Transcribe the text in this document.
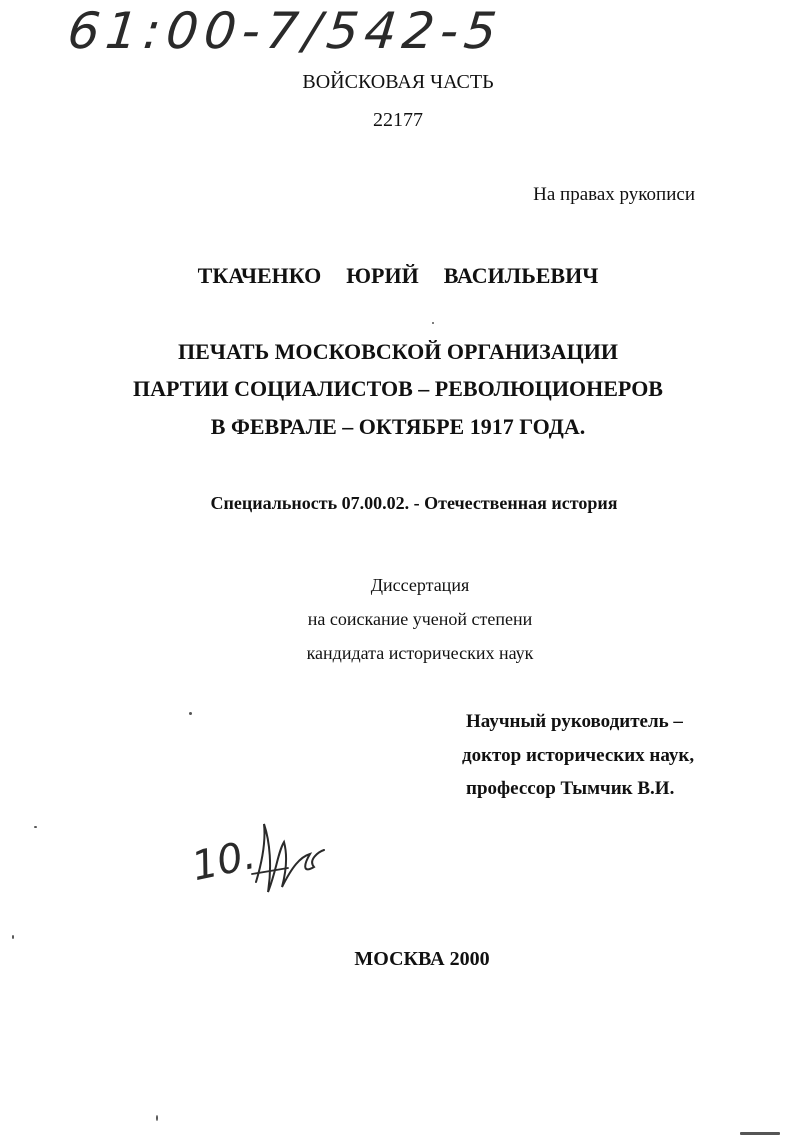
61:00-7/542-5
ВОЙСКОВАЯ ЧАСТЬ
22177
На правах рукописи
ТКАЧЕНКО ЮРИЙ ВАСИЛЬЕВИЧ
ПЕЧАТЬ МОСКОВСКОЙ ОРГАНИЗАЦИИ
ПАРТИИ СОЦИАЛИСТОВ – РЕВОЛЮЦИОНЕРОВ
В ФЕВРАЛЕ – ОКТЯБРЕ 1917 ГОДА.
Специальность 07.00.02. - Отечественная история
Диссертация
на соискание ученой степени
кандидата исторических наук
Научный руководитель –
доктор исторических наук,
профессор Тымчик В.И.
10.
МОСКВА 2000
